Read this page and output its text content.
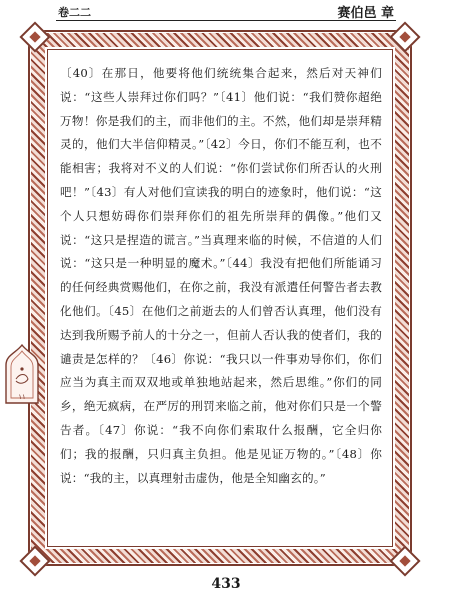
卷二二	赛伯邑 章
١١

〔40〕在那日，他要将他们统统集合起来，然后对天神们说：“这些人崇拜过你们吗？”〔41〕他们说：“我们赞你超绝万物！你是我们的主，而非他们的主。不然，他们却是崇拜精灵的，他们大半信仰精灵。”〔42〕今日，你们不能互利，也不能相害；我将对不义的人们说：“你们尝试你们所否认的火刑吧！”〔43〕有人对他们宣读我的明白的迹象时，他们说：“这个人只想妨碍你们崇拜你们的祖先所崇拜的偶像。”他们又说：“这只是捏造的谎言。”当真理来临的时候，不信道的人们说：“这只是一种明显的魔术。”〔44〕我没有把他们所能诵习的任何经典赏赐他们，在你之前，我没有派遣任何警告者去教化他们。〔45〕在他们之前逝去的人们曾否认真理，他们没有达到我所赐予前人的十分之一，但前人否认我的使者们，我的谴责是怎样的？〔46〕你说：“我只以一件事劝导你们，你们应当为真主而双双地或单独地站起来，然后思维。”你们的同乡，绝无疯病，在严厉的刑罚来临之前，他对你们只是一个警告者。〔47〕你说：“我不向你们索取什么报酬，它全归你们；我的报酬，只归真主负担。他是见证万物的。”〔48〕你说：“我的主，以真理射击虚伪，他是全知幽玄的。”

433
